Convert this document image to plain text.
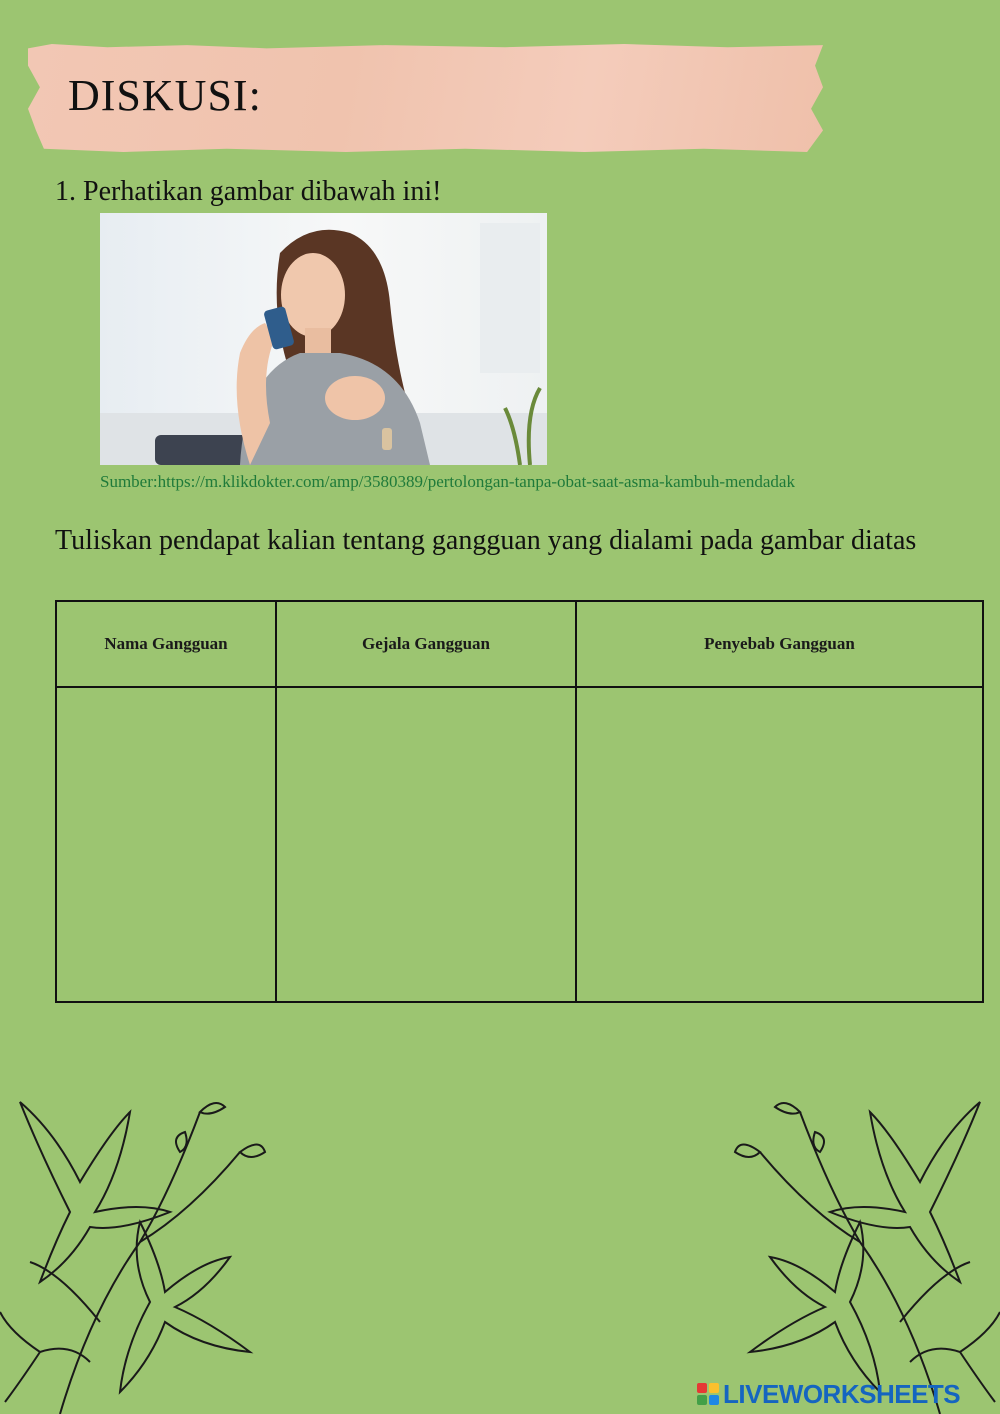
DISKUSI:

1. Perhatikan gambar dibawah ini!

Sumber:https://m.klikdokter.com/amp/3580389/pertolongan-tanpa-obat-saat-asma-kambuh-mendadak

Tuliskan pendapat kalian tentang gangguan yang dialami pada gambar diatas

Nama Gangguan	Gejala Gangguan	Penyebab Gangguan

LIVEWORKSHEETS
